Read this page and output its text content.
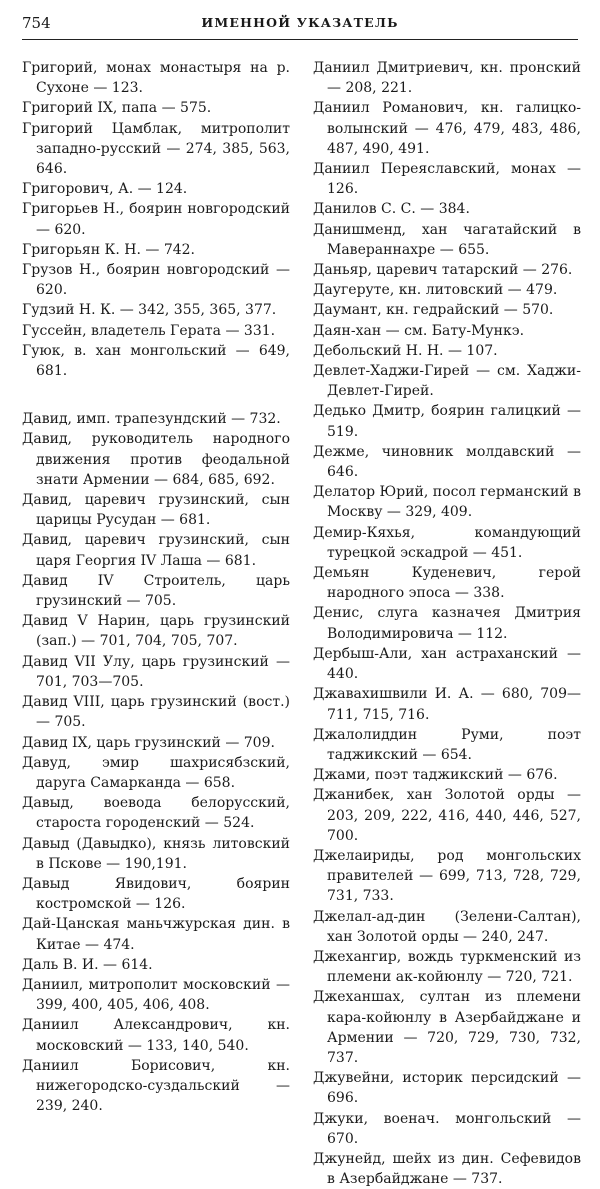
754	ИМЕННОЙ УКАЗАТЕЛЬ
Григорий, монах монастыря на р. Сухоне — 123.
Григорий IX, папа — 575.
Григорий Цамблак, митрополит западно-русский — 274, 385, 563, 646.
Григорович, А. — 124.
Григорьев Н., боярин новгородский — 620.
Григорьян К. Н. — 742.
Грузов Н., боярин новгородский — 620.
Гудзий Н. К. — 342, 355, 365, 377.
Гуссейн, владетель Герата — 331.
Гуюк, в. хан монгольский — 649, 681.
Давид, имп. трапезундский — 732.
Давид, руководитель народного движения против феодальной знати Армении — 684, 685, 692.
Давид, царевич грузинский, сын царицы Русудан — 681.
Давид, царевич грузинский, сын царя Георгия IV Лаша — 681.
Давид IV Строитель, царь грузинский — 705.
Давид V Нарин, царь грузинский (зап.) — 701, 704, 705, 707.
Давид VII Улу, царь грузинский — 701, 703—705.
Давид VIII, царь грузинский (вост.) — 705.
Давид IX, царь грузинский — 709.
Давуд, эмир шахрисябзский, даруга Самарканда — 658.
Давыд, воевода белорусский, староста городенский — 524.
Давыд (Давыдко), князь литовский в Пскове — 190,191.
Давыд Явидович, боярин костромской — 126.
Дай-Цанская маньчжурская дин. в Китае — 474.
Даль В. И. — 614.
Даниил, митрополит московский — 399, 400, 405, 406, 408.
Даниил Александрович, кн. московский — 133, 140, 540.
Даниил Борисович, кн. нижегородско-суздальский — 239, 240.
Даниил Дмитриевич, кн. пронский — 208, 221.
Даниил Романович, кн. галицко-волынский — 476, 479, 483, 486, 487, 490, 491.
Даниил Переяславский, монах — 126.
Данилов С. С. — 384.
Данишменд, хан чагатайский в Мавераннахре — 655.
Даньяр, царевич татарский — 276.
Даугеруте, кн. литовский — 479.
Даумант, кн. гедрайский — 570.
Даян-хан — см. Бату-Мункэ.
Дебольский Н. Н. — 107.
Девлет-Хаджи-Гирей — см. Хаджи-Девлет-Гирей.
Дедько Дмитр, боярин галицкий — 519.
Дежме, чиновник молдавский — 646.
Делатор Юрий, посол германский в Москву — 329, 409.
Демир-Кяхья, командующий турецкой эскадрой — 451.
Демьян Куденевич, герой народного эпоса — 338.
Денис, слуга казначея Дмитрия Володимировича — 112.
Дербыш-Али, хан астраханский — 440.
Джавахишвили И. А. — 680, 709—711, 715, 716.
Джалолиддин Руми, поэт таджикский — 654.
Джами, поэт таджикский — 676.
Джанибек, хан Золотой орды — 203, 209, 222, 416, 440, 446, 527, 700.
Джелаириды, род монгольских правителей — 699, 713, 728, 729, 731, 733.
Джелал-ад-дин (Зелени-Салтан), хан Золотой орды — 240, 247.
Джехангир, вождь туркменский из племени ак-койюнлу — 720, 721.
Джеханшах, султан из племени кара-койюнлу в Азербайджане и Армении — 720, 729, 730, 732, 737.
Джувейни, историк персидский — 696.
Джуки, военач. монгольский — 670.
Джунейд, шейх из дин. Сефевидов в Азербайджане — 737.
